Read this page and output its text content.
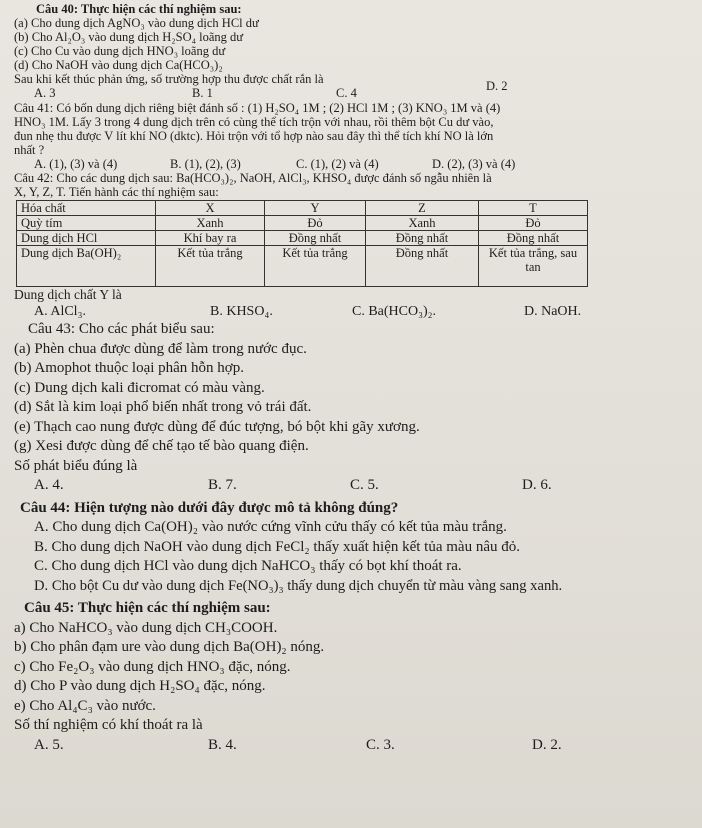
Câu 40: Thực hiện các thí nghiệm sau:
(a) Cho dung dịch AgNO₃ vào dung dịch HCl dư
(b) Cho Al₂O₃ vào dung dịch H₂SO₄ loãng dư
(c) Cho Cu vào dung dịch HNO₃ loãng dư
(d) Cho NaOH vào dung dịch Ca(HCO₃)₂
Sau khi kết thúc phản ứng, số trường hợp thu được chất rắn là
A. 3	B. 1	C. 4	D. 2
Câu 41: Có bốn dung dịch riêng biệt đánh số : (1) H₂SO₄ 1M ; (2) HCl 1M ; (3) KNO₃ 1M và (4)
HNO₃ 1M. Lấy 3 trong 4 dung dịch trên có cùng thể tích trộn với nhau, rồi thêm bột Cu dư vào,
đun nhẹ thu được V lít khí NO (dktc). Hỏi trộn với tổ hợp nào sau đây thì thể tích khí NO là lớn
nhất ?
A. (1), (3) và (4)	B. (1), (2), (3)	C. (1), (2) và (4)	D. (2), (3) và (4)
Câu 42: Cho các dung dịch sau: Ba(HCO₃)₂, NaOH, AlCl₃, KHSO₄ được đánh số ngẫu nhiên là
X, Y, Z, T. Tiến hành các thí nghiệm sau:
Hóa chất	X	Y	Z	T
Quỳ tím	Xanh	Đỏ	Xanh	Đỏ
Dung dịch HCl	Khí bay ra	Đồng nhất	Đồng nhất	Đồng nhất
Dung dịch Ba(OH)₂	Kết tủa trắng	Kết tủa trắng	Đồng nhất	Kết tủa trắng, sau tan
Dung dịch chất Y là
A. AlCl₃.	B. KHSO₄.	C. Ba(HCO₃)₂.	D. NaOH.
Câu 43: Cho các phát biểu sau:
(a) Phèn chua được dùng để làm trong nước đục.
(b) Amophot thuộc loại phân hỗn hợp.
(c) Dung dịch kali đicromat có màu vàng.
(d) Sắt là kim loại phổ biến nhất trong vỏ trái đất.
(e) Thạch cao nung được dùng để đúc tượng, bó bột khi gãy xương.
(g) Xesi được dùng để chế tạo tế bào quang điện.
Số phát biểu đúng là
A. 4.	B. 7.	C. 5.	D. 6.
Câu 44: Hiện tượng nào dưới đây được mô tả không đúng?
A. Cho dung dịch Ca(OH)₂ vào nước cứng vĩnh cửu thấy có kết tủa màu trắng.
B. Cho dung dịch NaOH vào dung dịch FeCl₂ thấy xuất hiện kết tủa màu nâu đỏ.
C. Cho dung dịch HCl vào dung dịch NaHCO₃ thấy có bọt khí thoát ra.
D. Cho bột Cu dư vào dung dịch Fe(NO₃)₃ thấy dung dịch chuyển từ màu vàng sang xanh.
Câu 45: Thực hiện các thí nghiệm sau:
a) Cho NaHCO₃ vào dung dịch CH₃COOH.
b) Cho phân đạm ure vào dung dịch Ba(OH)₂ nóng.
c) Cho Fe₂O₃ vào dung dịch HNO₃ đặc, nóng.
d) Cho P vào dung dịch H₂SO₄ đặc, nóng.
e) Cho Al₄C₃ vào nước.
Số thí nghiệm có khí thoát ra là
A. 5.	B. 4.	C. 3.	D. 2.
